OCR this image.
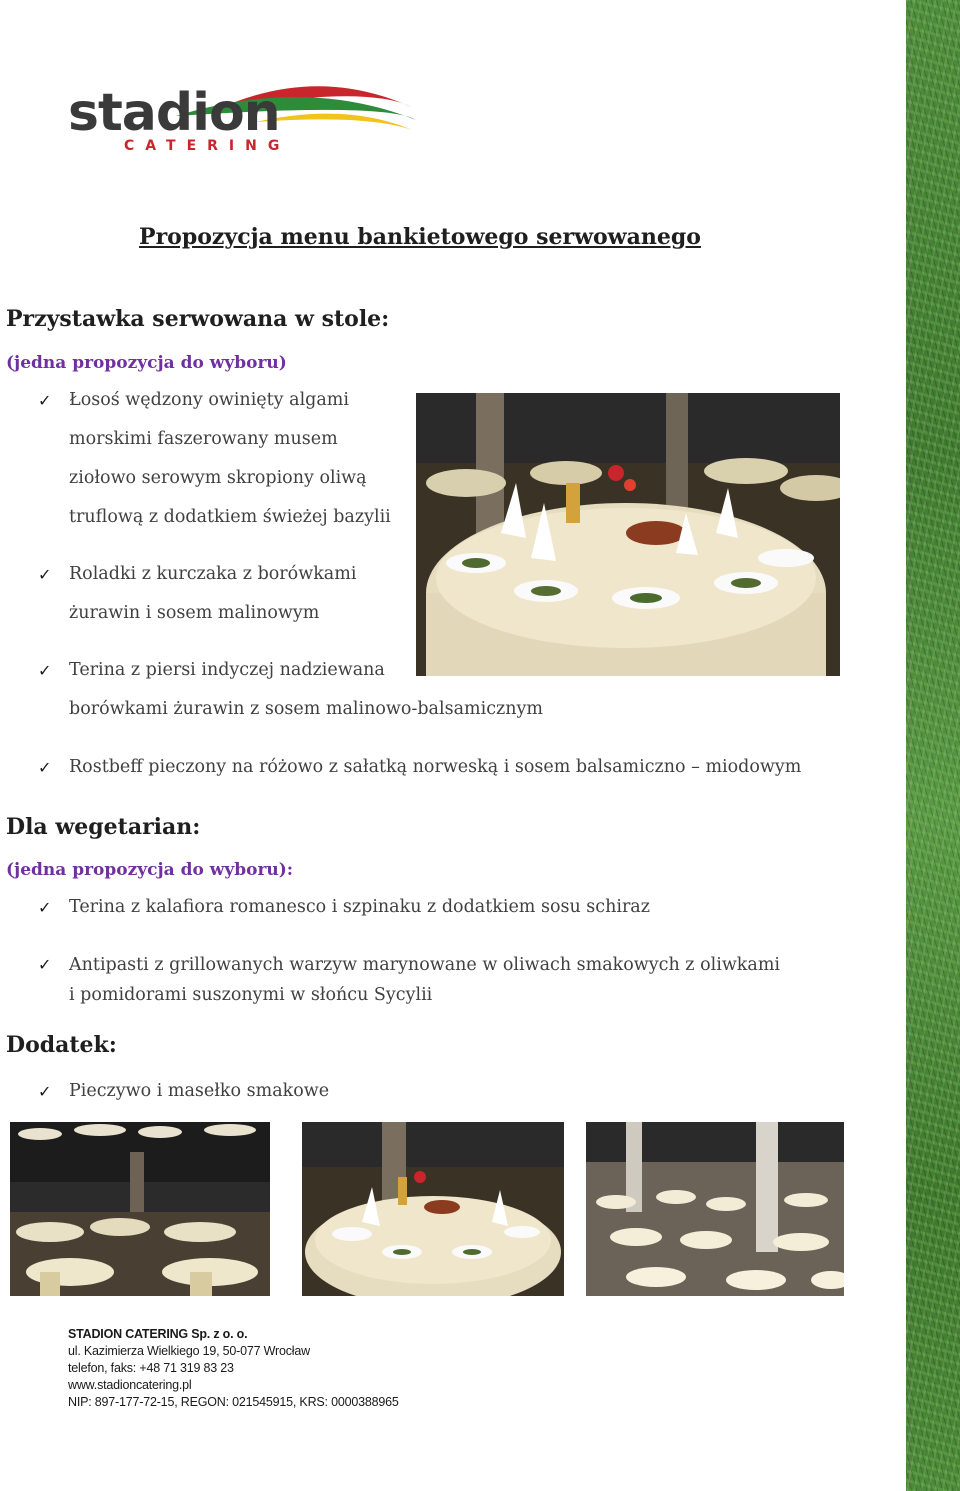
stadion
CATERING
Propozycja menu bankietowego serwowanego
Przystawka serwowana w stole:
(jedna propozycja do wyboru)
✓ Łosoś wędzony owinięty algami
morskimi faszerowany musem
ziołowo serowym skropiony oliwą
truflową z dodatkiem świeżej bazylii
✓ Roladki z kurczaka z borówkami
żurawin i sosem malinowym
✓ Terina z piersi indyczej nadziewana
borówkami żurawin z sosem malinowo-balsamicznym
✓ Rostbeff pieczony na różowo z sałatką norweską i sosem balsamiczno – miodowym
Dla wegetarian:
(jedna propozycja do wyboru):
✓ Terina z kalafiora romanesco i szpinaku z dodatkiem sosu schiraz
✓ Antipasti z grillowanych warzyw marynowane w oliwach smakowych z oliwkami
i pomidorami suszonymi w słońcu Sycylii
Dodatek:
✓ Pieczywo i masełko smakowe
STADION CATERING Sp. z o. o.
ul. Kazimierza Wielkiego 19, 50-077 Wrocław
telefon, faks: +48 71 319 83 23
www.stadioncatering.pl
NIP: 897-177-72-15, REGON: 021545915, KRS: 0000388965
